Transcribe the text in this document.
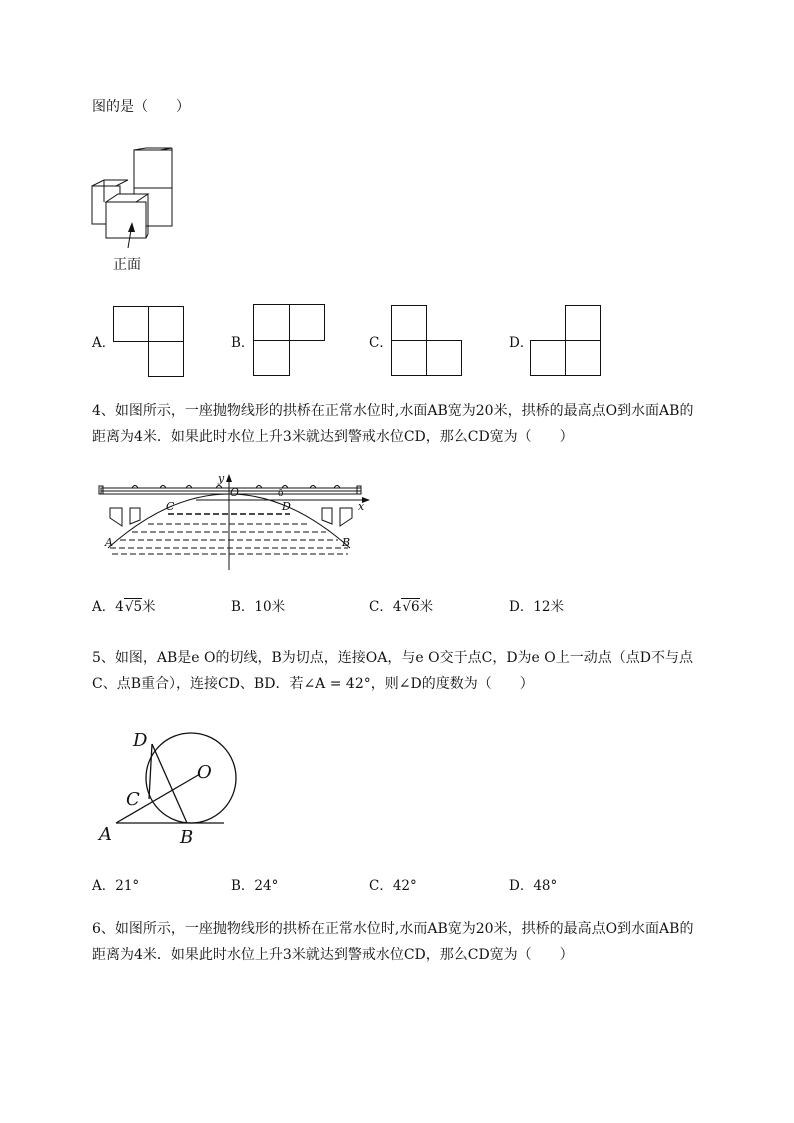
图的是（　　）
正面
A．	B．	C．	D．
4、如图所示，一座抛物线形的拱桥在正常水位时,水面AB宽为20米，拱桥的最高点O到水面AB的
距离为4米．如果此时水位上升3米就达到警戒水位CD，那么CD宽为（　　）
y
O	ō
C	D	x
A	B
A．4√5米	B．10米	C．4√6米	D．12米
5、如图，AB是e O的切线，B为切点，连接OA，与e O交于点C，D为e O上一动点（点D不与点
C、点B重合），连接CD、BD．若∠A = 42°，则∠D的度数为（　　）
D
O
C
A	B
A．21°	B．24°	C．42°	D．48°
6、如图所示，一座抛物线形的拱桥在正常水位时,水而AB宽为20米，拱桥的最高点O到水面AB的
距离为4米．如果此时水位上升3米就达到警戒水位CD，那么CD宽为（　　）
